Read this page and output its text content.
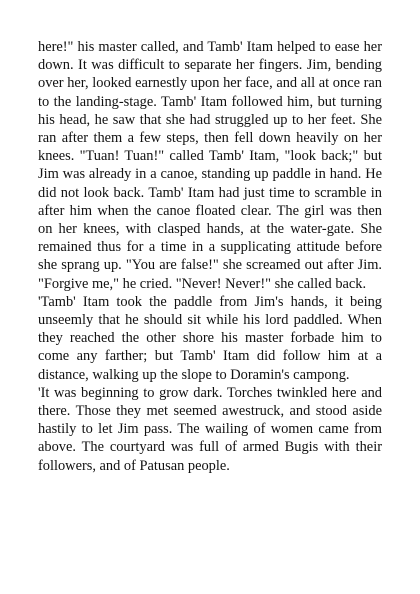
here!" his master called, and Tamb' Itam helped to ease her down. It was difficult to separate her fingers. Jim, bending over her, looked earnestly upon her face, and all at once ran to the landing-stage. Tamb' Itam followed him, but turning his head, he saw that she had struggled up to her feet. She ran after them a few steps, then fell down heavily on her knees. "Tuan! Tuan!" called Tamb' Itam, "look back;" but Jim was already in a canoe, standing up paddle in hand. He did not look back. Tamb' Itam had just time to scramble in after him when the canoe floated clear. The girl was then on her knees, with clasped hands, at the water-gate. She remained thus for a time in a supplicating attitude before she sprang up. "You are false!" she screamed out after Jim. "Forgive me," he cried. "Never! Never!" she called back.

'Tamb' Itam took the paddle from Jim's hands, it being unseemly that he should sit while his lord paddled. When they reached the other shore his master forbade him to come any farther; but Tamb' Itam did follow him at a distance, walking up the slope to Doramin's campong.

'It was beginning to grow dark. Torches twinkled here and there. Those they met seemed awestruck, and stood aside hastily to let Jim pass. The wailing of women came from above. The courtyard was full of armed Bugis with their followers, and of Patusan people.
